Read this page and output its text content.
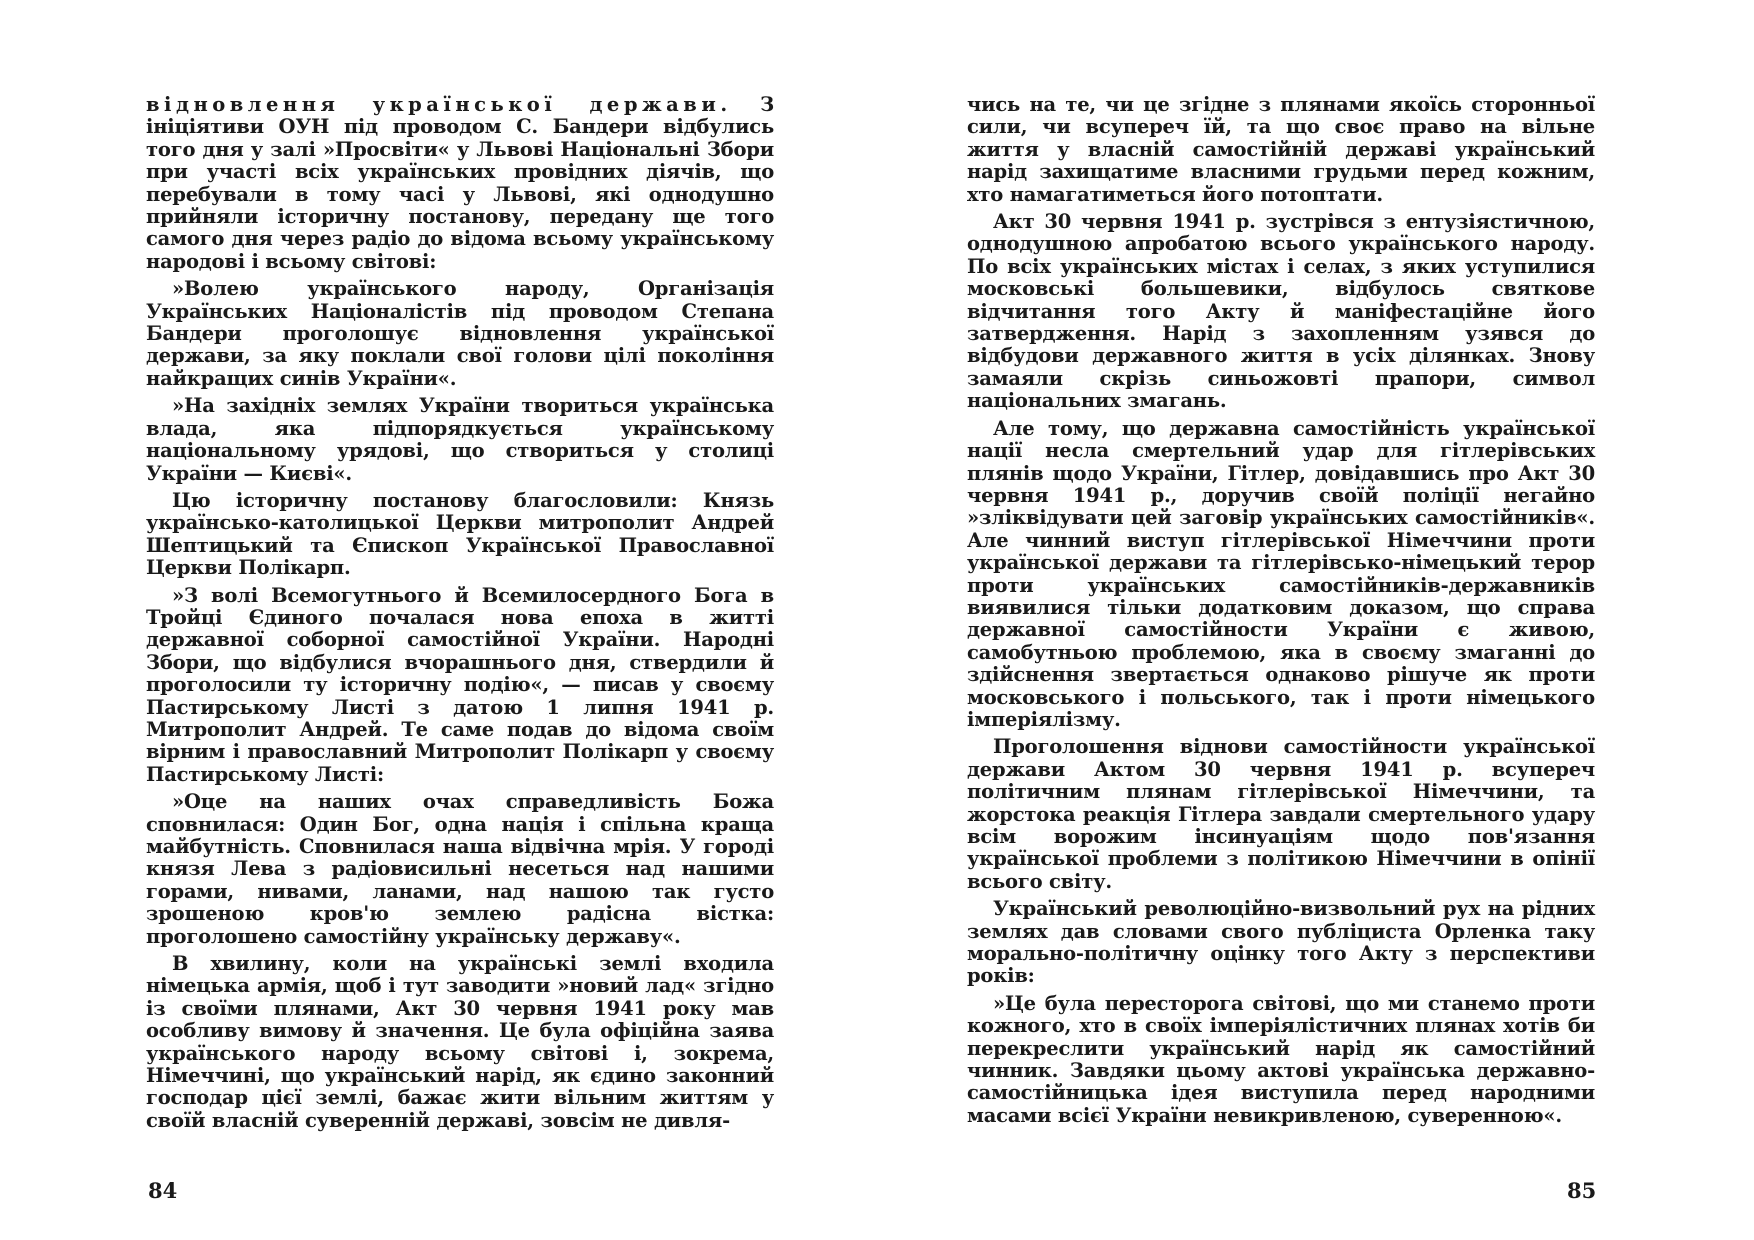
відновлення української держави. З ініціятиви ОУН під проводом С. Бандери відбулись того дня у залі »Просвіти« у Львові Національні Збори при участі всіх українських провідних діячів, що перебували в тому часі у Львові, які однодушно прийняли історичну постанову, передану ще того самого дня через радіо до відома всьому українському народові і всьому світові:

»Волею українського народу, Організація Українських Націоналістів під проводом Степана Бандери проголошує відновлення української держави, за яку поклали свої голови цілі покоління найкращих синів України«.

»На західніх землях України твориться українська влада, яка підпорядкується українському національному урядові, що створиться у столиці України — Києві«.

Цю історичну постанову благословили: Князь українсько-католицької Церкви митрополит Андрей Шептицький та Єпископ Української Православної Церкви Полікарп.

»З волі Всемогутнього й Всемилосердного Бога в Тройці Єдиного почалася нова епоха в житті державної соборної самостійної України. Народні Збори, що відбулися вчорашнього дня, ствердили й проголосили ту історичну подію«, — писав у своєму Пастирському Листі з датою 1 липня 1941 р. Митрополит Андрей. Те саме подав до відома своїм вірним і православний Митрополит Полікарп у своєму Пастирському Листі:

»Оце на наших очах справедливість Божа сповнилася: Один Бог, одна нація і спільна краща майбутність. Сповнилася наша відвічна мрія. У городі князя Лева з радіовисильні несеться над нашими горами, нивами, ланами, над нашою так густо зрошеною кров'ю землею радісна вістка: проголошено самостійну українську державу«.

В хвилину, коли на українські землі входила німецька армія, щоб і тут заводити »новий лад« згідно із своїми плянами, Акт 30 червня 1941 року мав особливу вимову й значення. Це була офіційна заява українського народу всьому світові і, зокрема, Німеччині, що український нарід, як єдино законний господар цієї землі, бажає жити вільним життям у своїй власній суверенній державі, зовсім не дивля-

84

чись на те, чи це згідне з плянами якоїсь сторонньої сили, чи всупереч їй, та що своє право на вільне життя у власній самостійній державі український нарід захищатиме власними грудьми перед кожним, хто намагатиметься його потоптати.

Акт 30 червня 1941 р. зустрівся з ентузіястичною, однодушною апробатою всього українського народу. По всіх українських містах і селах, з яких уступилися московські большевики, відбулось святкове відчитання того Акту й маніфестаційне його затвердження. Нарід з захопленням узявся до відбудови державного життя в усіх ділянках. Знову замаяли скрізь синьожовті прапори, символ національних змагань.

Але тому, що державна самостійність української нації несла смертельний удар для гітлерівських плянів щодо України, Гітлер, довідавшись про Акт 30 червня 1941 р., доручив своїй поліції негайно »зліквідувати цей заговір українських самостійників«. Але чинний виступ гітлерівської Німеччини проти української держави та гітлерівсько-німецький терор проти українських самостійників-державників виявилися тільки додатковим доказом, що справа державної самостійности України є живою, самобутньою проблемою, яка в своєму змаганні до здійснення звертається однаково рішуче як проти московського і польського, так і проти німецького імперіялізму.

Проголошення віднови самостійности української держави Актом 30 червня 1941 р. всупереч політичним плянам гітлерівської Німеччини, та жорстока реакція Гітлера завдали смертельного удару всім ворожим інсинуаціям щодо пов'язання української проблеми з політикою Німеччини в опінії всього світу.

Український революційно-визвольний рух на рідних землях дав словами свого публіциста Орленка таку морально-політичну оцінку того Акту з перспективи років:

»Це була перестoрога світові, що ми станемо проти кожного, хто в своїх імперіялістичних плянах хотів би перекреслити український нарід як самостійний чинник. Завдяки цьому актові українська державно-самостійницька ідея виступила перед народними масами всієї України невикривленою, суверенною«.

85
